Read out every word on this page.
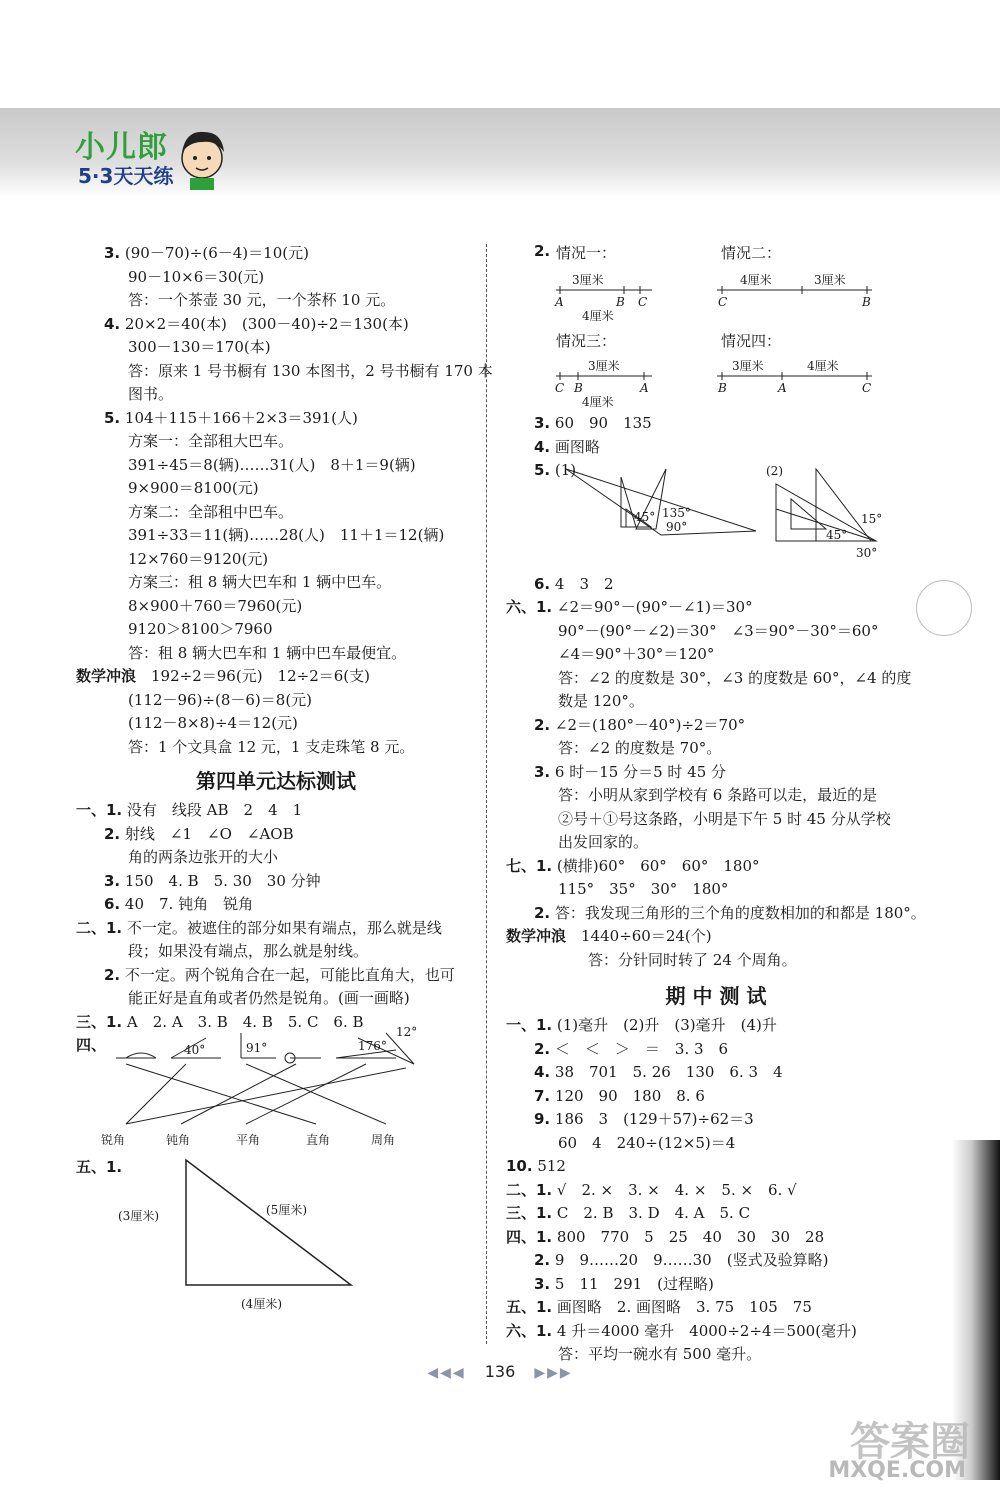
小儿郎
5·3天天练
3. (90－70)÷(6－4)＝10(元)
90－10×6＝30(元)
答：一个茶壶 30 元，一个茶杯 10 元。
4. 20×2＝40(本)　(300－40)÷2＝130(本)
300－130＝170(本)
答：原来 1 号书橱有 130 本图书，2 号书橱有 170 本
图书。
5. 104＋115＋166＋2×3＝391(人)
方案一：全部租大巴车。
391÷45＝8(辆)……31(人)　8＋1＝9(辆)
9×900＝8100(元)
方案二：全部租中巴车。
391÷33＝11(辆)……28(人)　11＋1＝12(辆)
12×760＝9120(元)
方案三：租 8 辆大巴车和 1 辆中巴车。
8×900＋760＝7960(元)
9120＞8100＞7960
答：租 8 辆大巴车和 1 辆中巴车最便宜。
数学冲浪　192÷2＝96(元)　12÷2＝6(支)
(112－96)÷(8－6)＝8(元)
(112－8×8)÷4＝12(元)
答：1 个文具盒 12 元，1 支走珠笔 8 元。
第四单元达标测试
一、1. 没有　线段 AB　2　4　1
2. 射线　∠1　∠O　∠AOB
角的两条边张开的大小
3. 150　4. B　5. 30　30 分钟
6. 40　7. 钝角　锐角
二、1. 不一定。被遮住的部分如果有端点，那么就是线
段；如果没有端点，那么就是射线。
2. 不一定。两个锐角合在一起，可能比直角大，也可
能正好是直角或者仍然是锐角。(画一画略)
三、1. A　2. A　3. B　4. B　5. C　6. B
四、	40°	91°	176°
12°
锐角	钝角	平角	直角	周角
五、1.
(3厘米)	(5厘米)
(4厘米)
2. 情况一：	情况二：
情况三：	情况四：
3厘米
A	B C
4厘米
4厘米	3厘米
C	B
3厘米
C B	A
4厘米
3厘米	4厘米
B	A	C
3. 60　90　135
4. 画图略
5. (1)
45° 135°
90°
(2)
15°
45°
30°
6. 4　3　2
六、1. ∠2＝90°－(90°－∠1)＝30°
90°－(90°－∠2)＝30°　∠3＝90°－30°＝60°
∠4＝90°＋30°＝120°
答：∠2 的度数是 30°，∠3 的度数是 60°，∠4 的度
数是 120°。
2. ∠2＝(180°－40°)÷2＝70°
答：∠2 的度数是 70°。
3. 6 时－15 分＝5 时 45 分
答：小明从家到学校有 6 条路可以走，最近的是
②号＋①号这条路，小明是下午 5 时 45 分从学校
出发回家的。
七、1. (横排)60°　60°　60°　180°
115°　35°　30°　180°
2. 答：我发现三角形的三个角的度数相加的和都是 180°。
数学冲浪　1440÷60＝24(个)
　　答：分针同时转了 24 个周角。
期 中 测 试
一、1. (1)毫升　(2)升　(3)毫升　(4)升
2. ＜　＜　＞　＝　3. 3　6
4. 38　701　5. 26　130　6. 3　4
7. 120　90　180　8. 6
9. 186　3　(129＋57)÷62＝3
60　4　240÷(12×5)＝4
10. 512
二、1. √　2. ×　3. ×　4. ×　5. ×　6. √
三、1. C　2. B　3. D　4. A　5. C
四、1. 800　770　5　25　40　30　30　28
2. 9　9……20　9……30　(竖式及验算略)
3. 5　11　291　(过程略)
五、1. 画图略　2. 画图略　3. 75　105　75
六、1. 4 升＝4000 毫升　4000÷2÷4＝500(毫升)
答：平均一碗水有 500 毫升。
◀◀◀ 136 ▶▶▶
答案圈
MXQE.COM
